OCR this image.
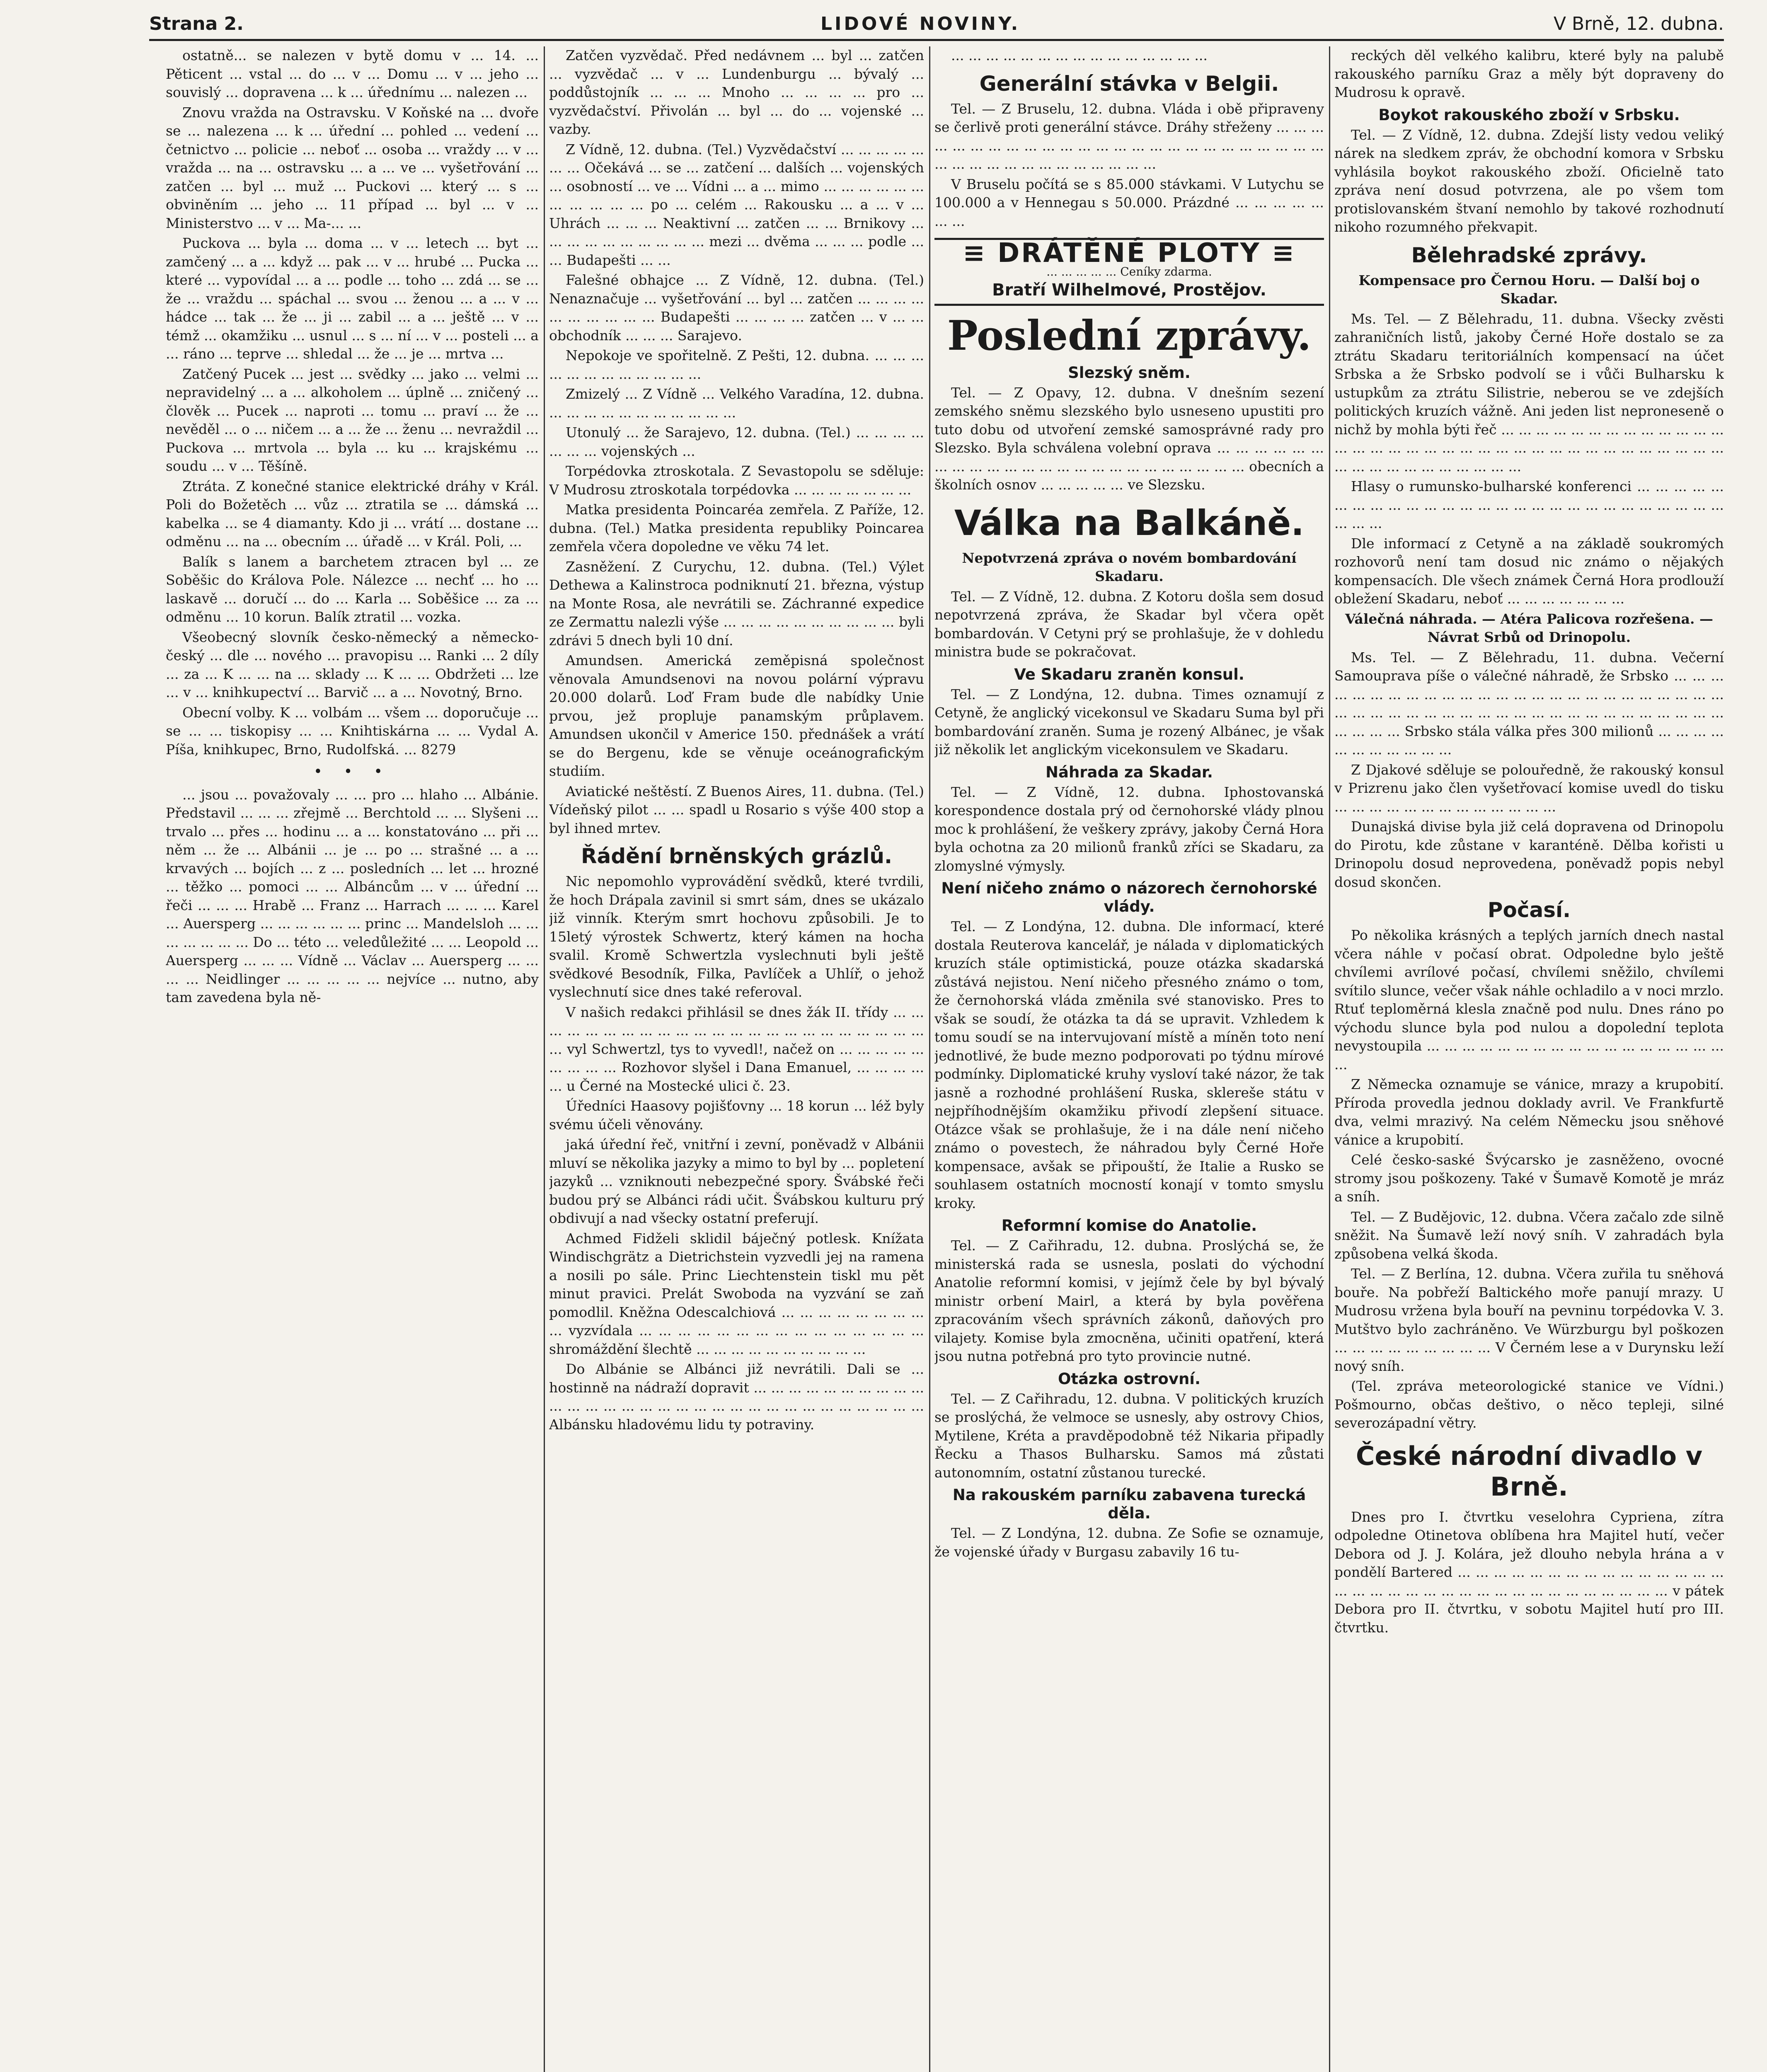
Strana 2.	LIDOVÉ NOVINY.	V Brně, 12. dubna.

ostatně... se nalezen v bytě domu v ... 14. ... Pěticent ... vstal ... do ... v ... Domu ... v ... jeho ... souvislý ... dopravena ... k ... úřednímu ... nalezen ...

Znovu vražda na Ostravsku. V Koňské na ... dvoře se ... nalezena ... k ... úřední ... pohled ... vedení ... četnictvo ... policie ... neboť ... osoba ... vraždy ... v ... vražda ... na ... ostravsku ... a ... ve ... vyšetřování ... zatčen ... byl ... muž ... Puckovi ... který ... s ... obviněním ... jeho ... 11 případ ... byl ... v ... Ministerstvo ... v ... Ma-... ...

Puckova ... byla ... doma ... v ... letech ... byt ... zamčený ... a ... když ... pak ... v ... hrubé ... Pucka ... které ... vypovídal ... a ... podle ... toho ... zdá ... se ... že ... vraždu ... spáchal ... svou ... ženou ... a ... v ... hádce ... tak ... že ... ji ... zabil ... a ... ještě ... v ... témž ... okamžiku ... usnul ... s ... ní ... v ... posteli ... a ... ráno ... teprve ... shledal ... že ... je ... mrtva ...

Zatčený Pucek ... jest ... svědky ... jako ... velmi ... nepravidelný ... a ... alkoholem ... úplně ... zničený ... člověk ... Pucek ... naproti ... tomu ... praví ... že ... nevěděl ... o ... ničem ... a ... že ... ženu ... nevraždil ... Puckova ... mrtvola ... byla ... ku ... krajskému ... soudu ... v ... Těšíně.

Ztráta. Z konečné stanice elektrické dráhy v Král. Poli do Božetěch ... vůz ... ztratila se ... dámská ... kabelka ... se 4 diamanty. Kdo ji ... vrátí ... dostane ... odměnu ... na ... obecním ... úřadě ... v Král. Poli, ...

Balík s lanem a barchetem ztracen byl ... ze Soběšic do Králova Pole. Nálezce ... nechť ... ho ... laskavě ... doručí ... do ... Karla ... Soběšice ... za ... odměnu ... 10 korun. Balík ztratil ... vozka.

Všeobecný slovník česko-německý a německo-český ... dle ... nového ... pravopisu ... Ranki ... 2 díly ... za ... K ... ... na ... sklady ... K ... ... Obdržeti ... lze ... v ... knihkupectví ... Barvič ... a ... Novotný, Brno.

Obecní volby. K ... volbám ... všem ... doporučuje ... se ... ... tiskopisy ... ... Knihtiskárna ... ... Vydal A. Píša, knihkupec, Brno, Rudolfská. ... 8279

• • •

... jsou ... považovaly ... ... pro ... hlaho ... Albánie. Představil ... ... ... zřejmě ... Berchtold ... ... Slyšeni ... trvalo ... přes ... hodinu ... a ... konstatováno ... při ... něm ... že ... Albánii ... je ... po ... strašné ... a ... krvavých ... bojích ... z ... posledních ... let ... hrozné ... těžko ... pomoci ... ... Albáncům ... v ... úřední ... řeči ... ... ... Hrabě ... Franz ... Harrach ... ... ... Karel ... Auersperg ... ... ... ... ... ... princ ... Mandelsloh ... ... ... ... ... ... ... Do ... této ... veledůležité ... ... Leopold ... Auersperg ... ... ... Vídně ... Václav ... Auersperg ... ... ... ... Neidlinger ... ... ... ... ... nejvíce ... nutno, aby tam zavedena byla ně-

Zatčen vyzvědač. Před nedávnem ... byl ... zatčen ... vyzvědač ... v ... Lundenburgu ... bývalý ... poddůstojník ... ... ... Mnoho ... ... ... ... pro ... vyzvědačství. Přivolán ... byl ... do ... vojenské ... vazby.

Z Vídně, 12. dubna. (Tel.) Vyzvědačství ... ... ... ... ... ... ... Očekává ... se ... zatčení ... dalších ... vojenských ... osobností ... ve ... Vídni ... a ... mimo ... ... ... ... ... ... ... ... ... ... ... po ... celém ... Rakousku ... a ... v ... Uhrách ... ... ... Neaktivní ... zatčen ... ... Brnikovy ... ... ... ... ... ... ... ... ... ... mezi ... dvěma ... ... ... podle ... ... Budapešti ... ...

Falešné obhajce ... Z Vídně, 12. dubna. (Tel.) Nenaznačuje ... vyšetřování ... byl ... zatčen ... ... ... ... ... ... ... ... ... ... Budapešti ... ... ... ... zatčen ... v ... ... obchodník ... ... ... Sarajevo.

Nepokoje ve spořitelně. Z Pešti, 12. dubna. ... ... ... ... ... ... ... ... ... ... ... ...

Zmizelý ... Z Vídně ... Velkého Varadína, 12. dubna. ... ... ... ... ... ... ... ... ... ... ...

Utonulý ... že Sarajevo, 12. dubna. (Tel.) ... ... ... ... ... ... ... vojenských ...

Torpédovka ztroskotala. Z Sevastopolu se sděluje: V Mudrosu ztroskotala torpédovka ... ... ... ... ... ... ...

Matka presidenta Poincaréa zemřela. Z Paříže, 12. dubna. (Tel.) Matka presidenta republiky Poincarea zemřela včera dopoledne ve věku 74 let.

Zasněžení. Z Curychu, 12. dubna. (Tel.) Výlet Dethewa a Kalinstroca podniknutí 21. března, výstup na Monte Rosa, ale nevrátili se. Záchranné expedice ze Zermattu nalezli výše ... ... ... ... ... ... ... ... ... ... byli zdrávi 5 dnech byli 10 dní.

Amundsen. Americká zeměpisná společnost věnovala Amundsenovi na novou polární výpravu 20.000 dolarů. Loď Fram bude dle nabídky Unie prvou, jež propluje panamským průplavem. Amundsen ukončil v Americe 150. přednášek a vrátí se do Bergenu, kde se věnuje oceánografickým studiím.

Aviatické neštěstí. Z Buenos Aires, 11. dubna. (Tel.) Vídeňský pilot ... ... spadl u Rosario s výše 400 stop a byl ihned mrtev.

Řádění brněnských grázlů.

Nic nepomohlo vyprovádění svědků, které tvrdili, že hoch Drápala zavinil si smrt sám, dnes se ukázalo již vinník. Kterým smrt hochovu způsobili. Je to 15letý výrostek Schwertz, který kámen na hocha svalil. Kromě Schwertzla vyslechnuti byli ještě svědkové Besodník, Filka, Pavlíček a Uhlíř, o jehož vyslechnutí sice dnes také referoval.

V našich redakci přihlásil se dnes žák II. třídy ... ... ... ... ... ... ... ... ... ... ... ... ... ... ... ... ... ... ... ... ... ... ... ... vyl Schwertzl, tys to vyvedl!, načež on ... ... ... ... ... ... ... ... ... Rozhovor slyšel i Dana Emanuel, ... ... ... ... ... u Černé na Mostecké ulici č. 23.

Úředníci Haasovy pojišťovny ... 18 korun ... léž byly svému účeli věnovány.

jaká úřední řeč, vnitřní i zevní, poněvadž v Albánii mluví se několika jazyky a mimo to byl by ... popletení jazyků ... vzniknouti nebezpečné spory. Švábské řeči budou prý se Albánci rádi učit. Švábskou kulturu prý obdivují a nad všecky ostatní preferují.

Achmed Fidželi sklidil báječný potlesk. Knížata Windischgrätz a Dietrichstein vyzvedli jej na ramena a nosili po sále. Princ Liechtenstein tiskl mu pět minut pravici. Prelát Swoboda na vyzvání se zaň pomodlil. Kněžna Odescalchiová ... ... ... ... ... ... ... ... ... vyzvídala ... ... ... ... ... ... ... ... ... ... ... ... ... ... ... shromáždění šlechtě ... ... ... ... ... ... ... ... ... ...

Do Albánie se Albánci již nevrátili. Dali se ... hostinně na nádraží dopravit ... ... ... ... ... ... ... ... ... ... ... ... ... ... ... ... ... ... ... ... ... ... ... ... ... ... ... ... ... ... ... Albánsku hladovému lidu ty potraviny.

... ... ... ... ... ... ... ... ... ... ... ... ... ... ...

Generální stávka v Belgii.

Tel. — Z Bruselu, 12. dubna. Vláda i obě připraveny se čerlivě proti generální stávce. Dráhy střeženy ... ... ... ... ... ... ... ... ... ... ... ... ... ... ... ... ... ... ... ... ... ... ... ... ... ... ... ... ... ... ... ... ... ... ... ... ... ...

V Bruselu počítá se s 85.000 stávkami. V Lutychu se 100.000 a v Hennegau s 50.000. Prázdné ... ... ... ... ... ... ...

≡ DRÁTĚNÉ PLOTY ≡
... ... ... ... ... Ceníky zdarma.
Bratří Wilhelmové, Prostějov.
Poslední zprávy.
Slezský sněm.

Tel. — Z Opavy, 12. dubna. V dnešním sezení zemského sněmu slezského bylo usneseno upustiti pro tuto dobu od utvoření zemské samosprávné rady pro Slezsko. Byla schválena volební oprava ... ... ... ... ... ... ... ... ... ... ... ... ... ... ... ... ... ... ... ... ... ... ... ... obecních a školních osnov ... ... ... ... ... ve Slezsku.

Válka na Balkáně.
Nepotvrzená zpráva o novém bombardování Skadaru.

Tel. — Z Vídně, 12. dubna. Z Kotoru došla sem dosud nepotvrzená zpráva, že Skadar byl včera opět bombardován. V Cetyni prý se prohlašuje, že v dohledu ministra bude se pokračovat.

Ve Skadaru zraněn konsul.

Tel. — Z Londýna, 12. dubna. Times oznamují z Cetyně, že anglický vicekonsul ve Skadaru Suma byl při bombardování zraněn. Suma je rozený Albánec, je však již několik let anglickým vicekonsulem ve Skadaru.

Náhrada za Skadar.

Tel. — Z Vídně, 12. dubna. Iphostovanská korespondence dostala prý od černohorské vlády plnou moc k prohlášení, že veškery zprávy, jakoby Černá Hora byla ochotna za 20 milionů franků zříci se Skadaru, za zlomyslné výmysly.

Není ničeho známo o názorech černohorské vlády.

Tel. — Z Londýna, 12. dubna. Dle informací, které dostala Reuterova kancelář, je nálada v diplomatických kruzích stále optimistická, pouze otázka skadarská zůstává nejistou. Není ničeho přesného známo o tom, že černohorská vláda změnila své stanovisko. Pres to však se soudí, že otázka ta dá se upravit. Vzhledem k tomu soudí se na intervujovaní místě a míněn toto není jednotlivé, že bude mezno podporovati po týdnu mírové podmínky. Diplomatické kruhy vysloví také názor, že tak jasně a rozhodné prohlášení Ruska, sklereše státu v nejpříhodnějším okamžiku přivodí zlepšení situace. Otázce však se prohlašuje, že i na dále není ničeho známo o povestech, že náhradou byly Černé Hoře kompensace, avšak se připouští, že Italie a Rusko se souhlasem ostatních mocností konají v tomto smyslu kroky.

Reformní komise do Anatolie.

Tel. — Z Cařihradu, 12. dubna. Proslýchá se, že ministerská rada se usnesla, poslati do východní Anatolie reformní komisi, v jejímž čele by byl bývalý ministr orbení Mairl, a která by byla pověřena zpracováním všech správních zákonů, daňových pro vilajety. Komise byla zmocněna, učiniti opatření, která jsou nutna potřebná pro tyto provincie nutné.

Otázka ostrovní.

Tel. — Z Cařihradu, 12. dubna. V politických kruzích se proslýchá, že velmoce se usnesly, aby ostrovy Chios, Mytilene, Kréta a pravděpodobně též Nikaria připadly Řecku a Thasos Bulharsku. Samos má zůstati autonomním, ostatní zůstanou turecké.

Na rakouském parníku zabavena turecká děla.

Tel. — Z Londýna, 12. dubna. Ze Sofie se oznamuje, že vojenské úřady v Burgasu zabavily 16 tu-

reckých děl velkého kalibru, které byly na palubě rakouského parníku Graz a měly být dopraveny do Mudrosu k opravě.

Boykot rakouského zboží v Srbsku.

Tel. — Z Vídně, 12. dubna. Zdejší listy vedou veliký nárek na sledkem zpráv, že obchodní komora v Srbsku vyhlásila boykot rakouského zboží. Oficielně tato zpráva není dosud potvrzena, ale po všem tom protislovanském štvaní nemohlo by takové rozhodnutí nikoho rozumného překvapit.

Bělehradské zprávy.
Kompensace pro Černou Horu. — Další boj o Skadar.

Ms. Tel. — Z Bělehradu, 11. dubna. Všecky zvěsti zahraničních listů, jakoby Černé Hoře dostalo se za ztrátu Skadaru teritoriálních kompensací na účet Srbska a že Srbsko podvolí se i vůči Bulharsku k ustupkům za ztrátu Silistrie, neberou se ve zdejších politických kruzích vážně. Ani jeden list neproneseně o nichž by mohla býti řeč ... ... ... ... ... ... ... ... ... ... ... ... ... ... ... ... ... ... ... ... ... ... ... ... ... ... ... ... ... ... ... ... ... ... ... ... ... ... ... ... ... ... ... ... ... ...

Hlasy o rumunsko-bulharské konferenci ... ... ... ... ... ... ... ... ... ... ... ... ... ... ... ... ... ... ... ... ... ... ... ... ... ... ... ... ... ...

Dle informací z Cetyně a na základě soukromých rozhovorů není tam dosud nic známo o nějakých kompensacích. Dle všech známek Černá Hora prodlouží obležení Skadaru, neboť ... ... ... ... ... ... ...

Válečná náhrada. — Atéra Palicova rozřešena. — Návrat Srbů od Drinopolu.

Ms. Tel. — Z Bělehradu, 11. dubna. Večerní Samouprava píše o válečné náhradě, že Srbsko ... ... ... ... ... ... ... ... ... ... ... ... ... ... ... ... ... ... ... ... ... ... ... ... ... ... ... ... ... ... ... ... ... ... ... ... ... ... ... ... ... ... ... ... ... ... ... ... ... ... ... Srbsko stála válka přes 300 milionů ... ... ... ... ... ... ... ... ... ... ...

Z Djakové sděluje se polouředně, že rakouský konsul v Prizrenu jako člen vyšetřovací komise uvedl do tisku ... ... ... ... ... ... ... ... ... ... ... ... ...

Dunajská divise byla již celá dopravena od Drinopolu do Pirotu, kde zůstane v karanténě. Dělba kořisti u Drinopolu dosud neprovedena, poněvadž popis nebyl dosud skončen.

Počasí.

Po několika krásných a teplých jarních dnech nastal včera náhle v počasí obrat. Odpoledne bylo ještě chvílemi avrílové počasí, chvílemi sněžilo, chvílemi svítilo slunce, večer však náhle ochladilo a v noci mrzlo. Rtuť teploměrná klesla značně pod nulu. Dnes ráno po východu slunce byla pod nulou a dopolední teplota nevystoupila ... ... ... ... ... ... ... ... ... ... ... ... ... ... ... ... ... ...

Z Německa oznamuje se vánice, mrazy a krupobití. Příroda provedla jednou doklady avril. Ve Frankfurtě dva, velmi mrazivý. Na celém Německu jsou sněhové vánice a krupobití.

Celé česko-saské Švýcarsko je zasněženo, ovocné stromy jsou poškozeny. Také v Šumavě Komotě je mráz a sníh.

Tel. — Z Budějovic, 12. dubna. Včera začalo zde silně sněžit. Na Šumavě leží nový sníh. V zahradách byla způsobena velká škoda.

Tel. — Z Berlína, 12. dubna. Včera zuřila tu sněhová bouře. Na pobřeží Baltického moře panují mrazy. U Mudrosu vržena byla bouří na pevninu torpédovka V. 3. Mutštvo bylo zachráněno. Ve Würzburgu byl poškozen ... ... ... ... ... ... ... ... ... V Černém lese a v Durynsku leží nový sníh.

(Tel. zpráva meteorologické stanice ve Vídni.) Pošmourno, občas deštivo, o něco tepleji, silné severozápadní větry.

České národní divadlo v Brně.

Dnes pro I. čtvrtku veselohra Cypriena, zítra odpoledne Otinetova oblíbena hra Majitel hutí, večer Debora od J. J. Kolára, jež dlouho nebyla hrána a v pondělí Bartered ... ... ... ... ... ... ... ... ... ... ... ... ... ... ... ... ... ... ... ... ... ... ... ... ... ... ... ... ... ... ... ... ... ... v pátek Debora pro II. čtvrtku, v sobotu Majitel hutí pro III. čtvrtku.
